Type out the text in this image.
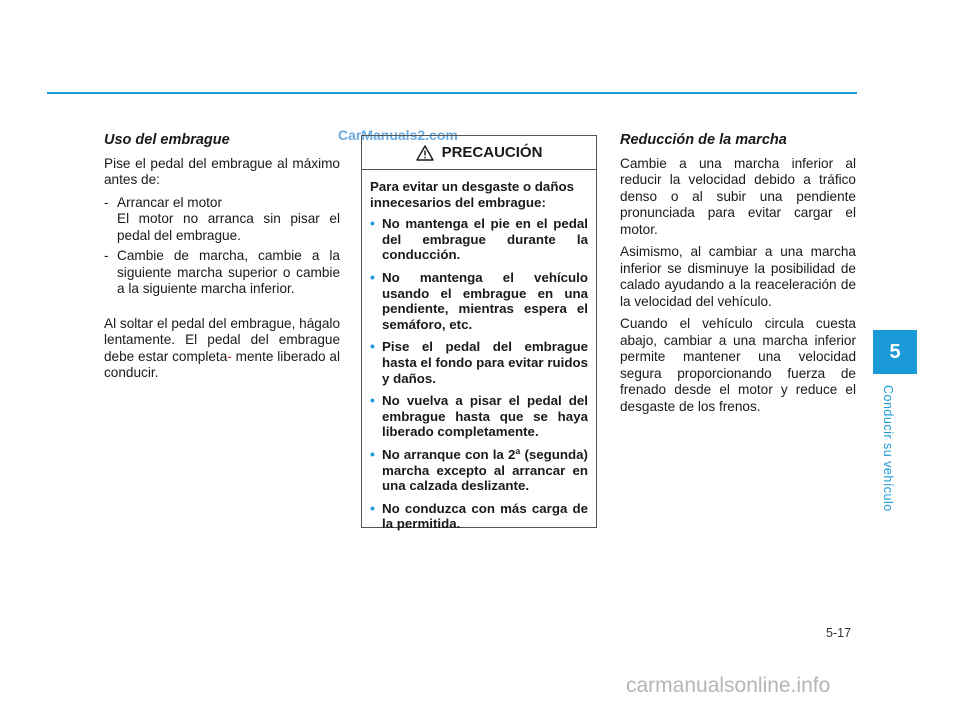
Uso del embrague

Pise el pedal del embrague al máximo antes de:

- Arrancar el motor

El motor no arranca sin pisar el pedal del embrague.

- Cambie de marcha, cambie a la siguiente marcha superior o cambie a la siguiente marcha inferior.

Al soltar el pedal del embrague, hágalo lentamente. El pedal del embrague debe estar completa- mente liberado al conducir.

CarManuals2.com
PRECAUCIÓN

Para evitar un desgaste o daños innecesarios del embrague:

• No mantenga el pie en el pedal del embrague durante la conducción.
• No mantenga el vehículo usando el embrague en una pendiente, mientras espera el semáforo, etc.
• Pise el pedal del embrague hasta el fondo para evitar ruidos y daños.
• No vuelva a pisar el pedal del embrague hasta que se haya liberado completamente.
• No arranque con la 2ª (segunda) marcha excepto al arrancar en una calzada deslizante.
• No conduzca con más carga de la permitida.

Reducción de la marcha

Cambie a una marcha inferior al reducir la velocidad debido a tráfico denso o al subir una pendiente pronunciada para evitar cargar el motor.

Asimismo, al cambiar a una marcha inferior se disminuye la posibilidad de calado ayudando a la reaceleración de la velocidad del vehículo.

Cuando el vehículo circula cuesta abajo, cambiar a una marcha inferior permite mantener una velocidad segura proporcionando fuerza de frenado desde el motor y reduce el desgaste de los frenos.

5
Conducir su vehículo
5-17
carmanualsonline.info
